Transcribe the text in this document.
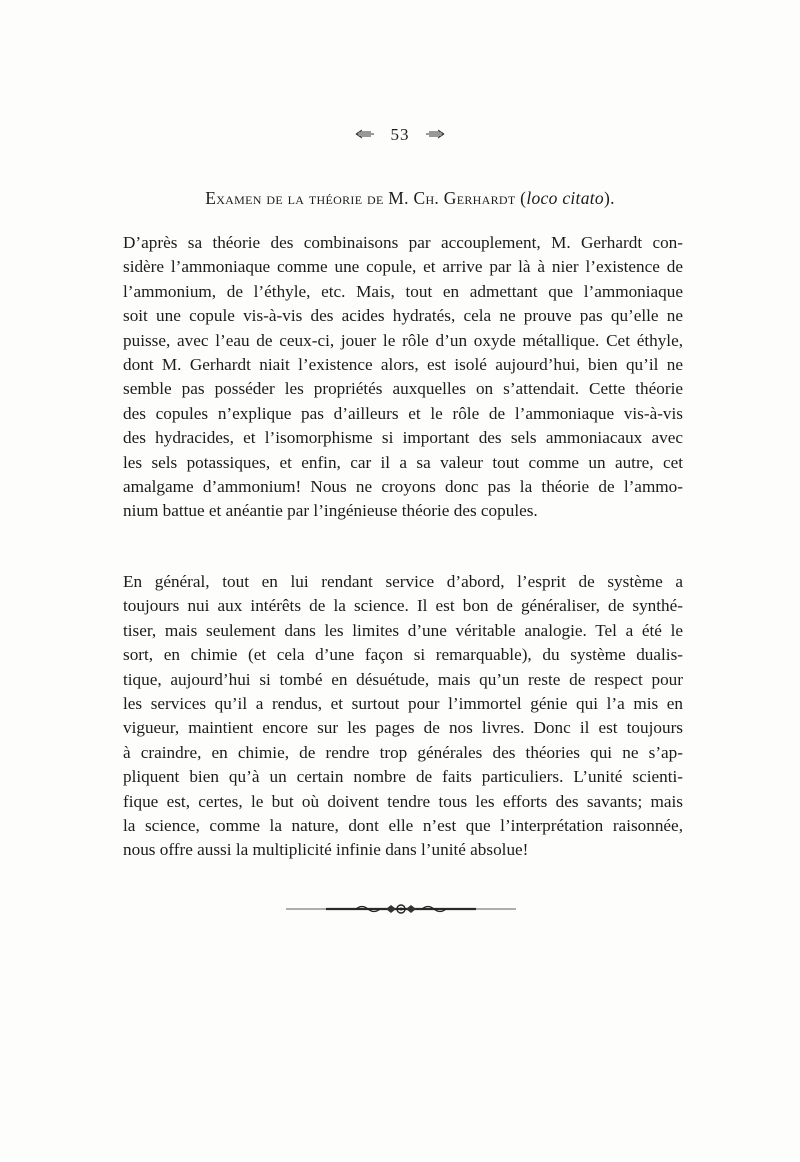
53
Examen de la théorie de M. Ch. Gerhardt (loco citato).

D’après sa théorie des combinaisons par accouplement, M. Gerhardt con-
sidère l’ammoniaque comme une copule, et arrive par là à nier l’existence de
l’ammonium, de l’éthyle, etc. Mais, tout en admettant que l’ammoniaque
soit une copule vis-à-vis des acides hydratés, cela ne prouve pas qu’elle ne
puisse, avec l’eau de ceux-ci, jouer le rôle d’un oxyde métallique. Cet éthyle,
dont M. Gerhardt niait l’existence alors, est isolé aujourd’hui, bien qu’il ne
semble pas posséder les propriétés auxquelles on s’attendait. Cette théorie
des copules n’explique pas d’ailleurs et le rôle de l’ammoniaque vis-à-vis
des hydracides, et l’isomorphisme si important des sels ammoniacaux avec
les sels potassiques, et enfin, car il a sa valeur tout comme un autre, cet
amalgame d’ammonium! Nous ne croyons donc pas la théorie de l’ammo-
nium battue et anéantie par l’ingénieuse théorie des copules.

En général, tout en lui rendant service d’abord, l’esprit de système a
toujours nui aux intérêts de la science. Il est bon de généraliser, de synthé-
tiser, mais seulement dans les limites d’une véritable analogie. Tel a été le
sort, en chimie (et cela d’une façon si remarquable), du système dualis-
tique, aujourd’hui si tombé en désuétude, mais qu’un reste de respect pour
les services qu’il a rendus, et surtout pour l’immortel génie qui l’a mis en
vigueur, maintient encore sur les pages de nos livres. Donc il est toujours
à craindre, en chimie, de rendre trop générales des théories qui ne s’ap-
pliquent bien qu’à un certain nombre de faits particuliers. L’unité scienti-
fique est, certes, le but où doivent tendre tous les efforts des savants; mais
la science, comme la nature, dont elle n’est que l’interprétation raisonnée,
nous offre aussi la multiplicité infinie dans l’unité absolue!
